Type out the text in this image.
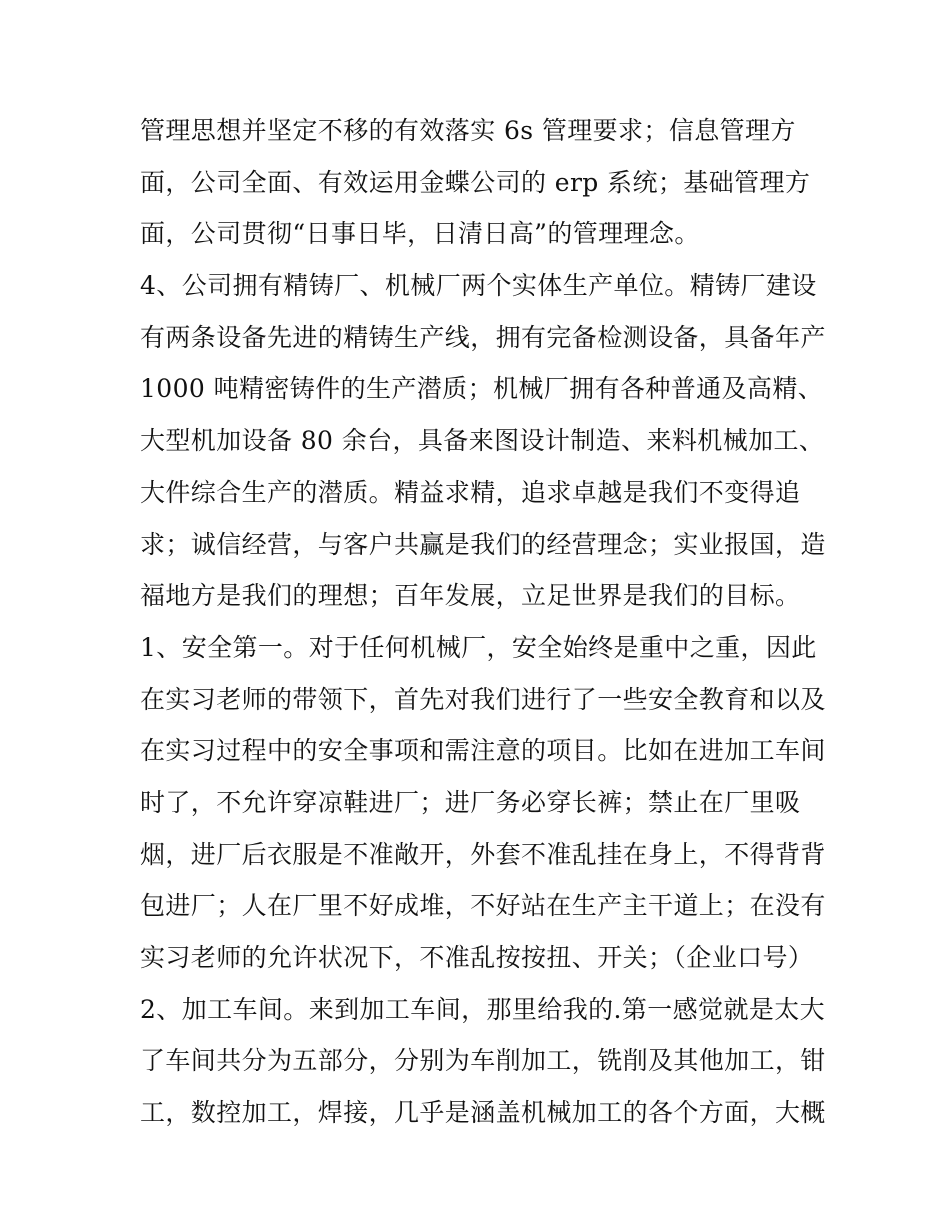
管理思想并坚定不移的有效落实 6s 管理要求；信息管理方
面，公司全面、有效运用金蝶公司的 erp 系统；基础管理方
面，公司贯彻“日事日毕，日清日高”的管理理念。
4、公司拥有精铸厂、机械厂两个实体生产单位。精铸厂建设
有两条设备先进的精铸生产线，拥有完备检测设备，具备年产
1000 吨精密铸件的生产潜质；机械厂拥有各种普通及高精、
大型机加设备 80 余台，具备来图设计制造、来料机械加工、
大件综合生产的潜质。精益求精，追求卓越是我们不变得追
求；诚信经营，与客户共赢是我们的经营理念；实业报国，造
福地方是我们的理想；百年发展，立足世界是我们的目标。
1、安全第一。对于任何机械厂，安全始终是重中之重，因此
在实习老师的带领下，首先对我们进行了一些安全教育和以及
在实习过程中的安全事项和需注意的项目。比如在进加工车间
时了，不允许穿凉鞋进厂；进厂务必穿长裤；禁止在厂里吸
烟，进厂后衣服是不准敞开，外套不准乱挂在身上，不得背背
包进厂；人在厂里不好成堆，不好站在生产主干道上；在没有
实习老师的允许状况下，不准乱按按扭、开关；（企业口号）
2、加工车间。来到加工车间，那里给我的.第一感觉就是太大
了车间共分为五部分，分别为车削加工，铣削及其他加工，钳
工，数控加工，焊接，几乎是涵盖机械加工的各个方面，大概
